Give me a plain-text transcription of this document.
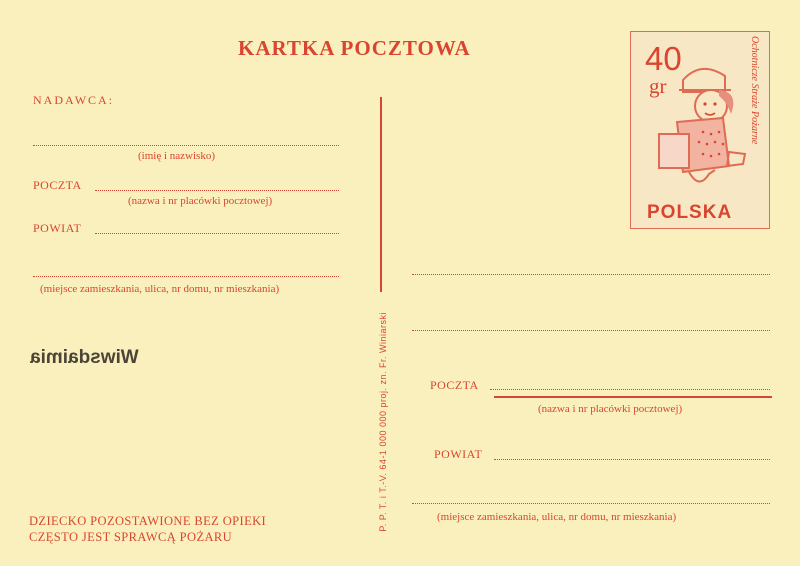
KARTKA POCZTOWA
NADAWCA:
(imię i nazwisko)
POCZTA
(nazwa i nr placówki pocztowej)
POWIAT
(miejsce zamieszkania, ulica, nr domu, nr mieszkania)
P. P. T. i T.-V. 64-1 000 000 proj. zn. Fr. Winiarski
DZIECKO POZOSTAWIONE BEZ OPIEKI
CZĘSTO JEST SPRAWCĄ POŻARU
Wiwsdaimia
40
gr	Ochotnicze Straże Pożarne
POLSKA
POCZTA
(nazwa i nr placówki pocztowej)
POWIAT
(miejsce zamieszkania, ulica, nr domu, nr mieszkania)
